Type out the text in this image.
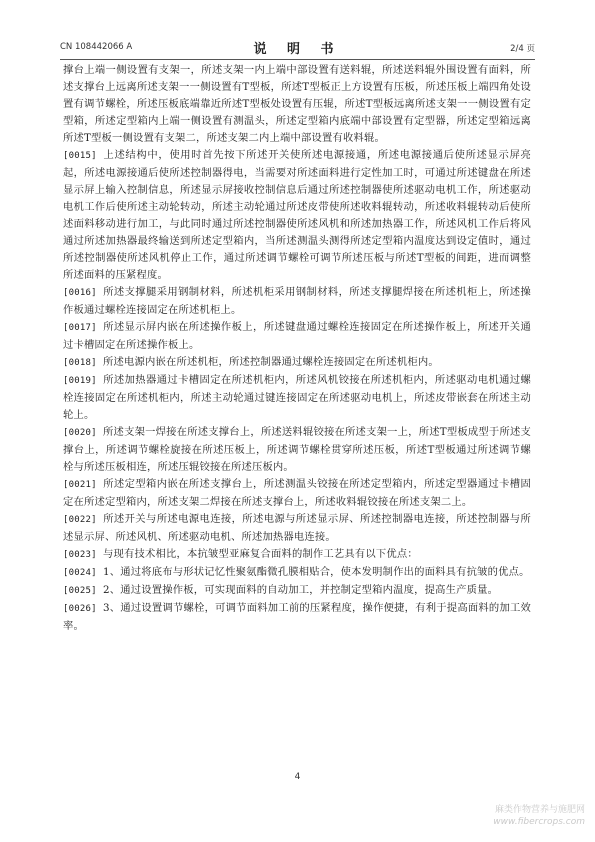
CN 108442066 A	说 明 书	2/4 页

撑台上端一侧设置有支架一，所述支架一内上端中部设置有送料辊，所述送料辊外围设置有面料，所述支撑台上远离所述支架一一侧设置有T型板，所述T型板正上方设置有压板，所述压板上端四角处设置有调节螺栓，所述压板底端靠近所述T型板处设置有压辊，所述T型板远离所述支架一一侧设置有定型箱，所述定型箱内上端一侧设置有测温头，所述定型箱内底端中部设置有定型器，所述定型箱远离所述T型板一侧设置有支架二，所述支架二内上端中部设置有收料辊。

[0015] 上述结构中，使用时首先按下所述开关使所述电源接通，所述电源接通后使所述显示屏亮起，所述电源接通后使所述控制器得电，当需要对所述面料进行定性加工时，可通过所述键盘在所述显示屏上输入控制信息，所述显示屏接收控制信息后通过所述控制器使所述驱动电机工作，所述驱动电机工作后使所述主动轮转动，所述主动轮通过所述皮带使所述收料辊转动，所述收料辊转动后使所述面料移动进行加工，与此同时通过所述控制器使所述风机和所述加热器工作，所述风机工作后将风通过所述加热器最终输送到所述定型箱内，当所述测温头测得所述定型箱内温度达到设定值时，通过所述控制器使所述风机停止工作，通过所述调节螺栓可调节所述压板与所述T型板的间距，进而调整所述面料的压紧程度。

[0016] 所述支撑腿采用钢制材料，所述机柜采用钢制材料，所述支撑腿焊接在所述机柜上，所述操作板通过螺栓连接固定在所述机柜上。

[0017] 所述显示屏内嵌在所述操作板上，所述键盘通过螺栓连接固定在所述操作板上，所述开关通过卡槽固定在所述操作板上。

[0018] 所述电源内嵌在所述机柜，所述控制器通过螺栓连接固定在所述机柜内。

[0019] 所述加热器通过卡槽固定在所述机柜内，所述风机铰接在所述机柜内，所述驱动电机通过螺栓连接固定在所述机柜内，所述主动轮通过键连接固定在所述驱动电机上，所述皮带嵌套在所述主动轮上。

[0020] 所述支架一焊接在所述支撑台上，所述送料辊铰接在所述支架一上，所述T型板成型于所述支撑台上，所述调节螺栓旋接在所述压板上，所述调节螺栓贯穿所述压板，所述T型板通过所述调节螺栓与所述压板相连，所述压辊铰接在所述压板内。

[0021] 所述定型箱内嵌在所述支撑台上，所述测温头铰接在所述定型箱内，所述定型器通过卡槽固定在所述定型箱内，所述支架二焊接在所述支撑台上，所述收料辊铰接在所述支架二上。

[0022] 所述开关与所述电源电连接，所述电源与所述显示屏、所述控制器电连接，所述控制器与所述显示屏、所述风机、所述驱动电机、所述加热器电连接。

[0023] 与现有技术相比，本抗皱型亚麻复合面料的制作工艺具有以下优点：

[0024] 1、通过将底布与形状记忆性聚氨酯微孔膜相贴合，使本发明制作出的面料具有抗皱的优点。

[0025] 2、通过设置操作板，可实现面料的自动加工，并控制定型箱内温度，提高生产质量。

[0026] 3、通过设置调节螺栓，可调节面料加工前的压紧程度，操作便捷，有利于提高面料的加工效率。

4
麻类作物营养与施肥网
www.fibercrops.com
